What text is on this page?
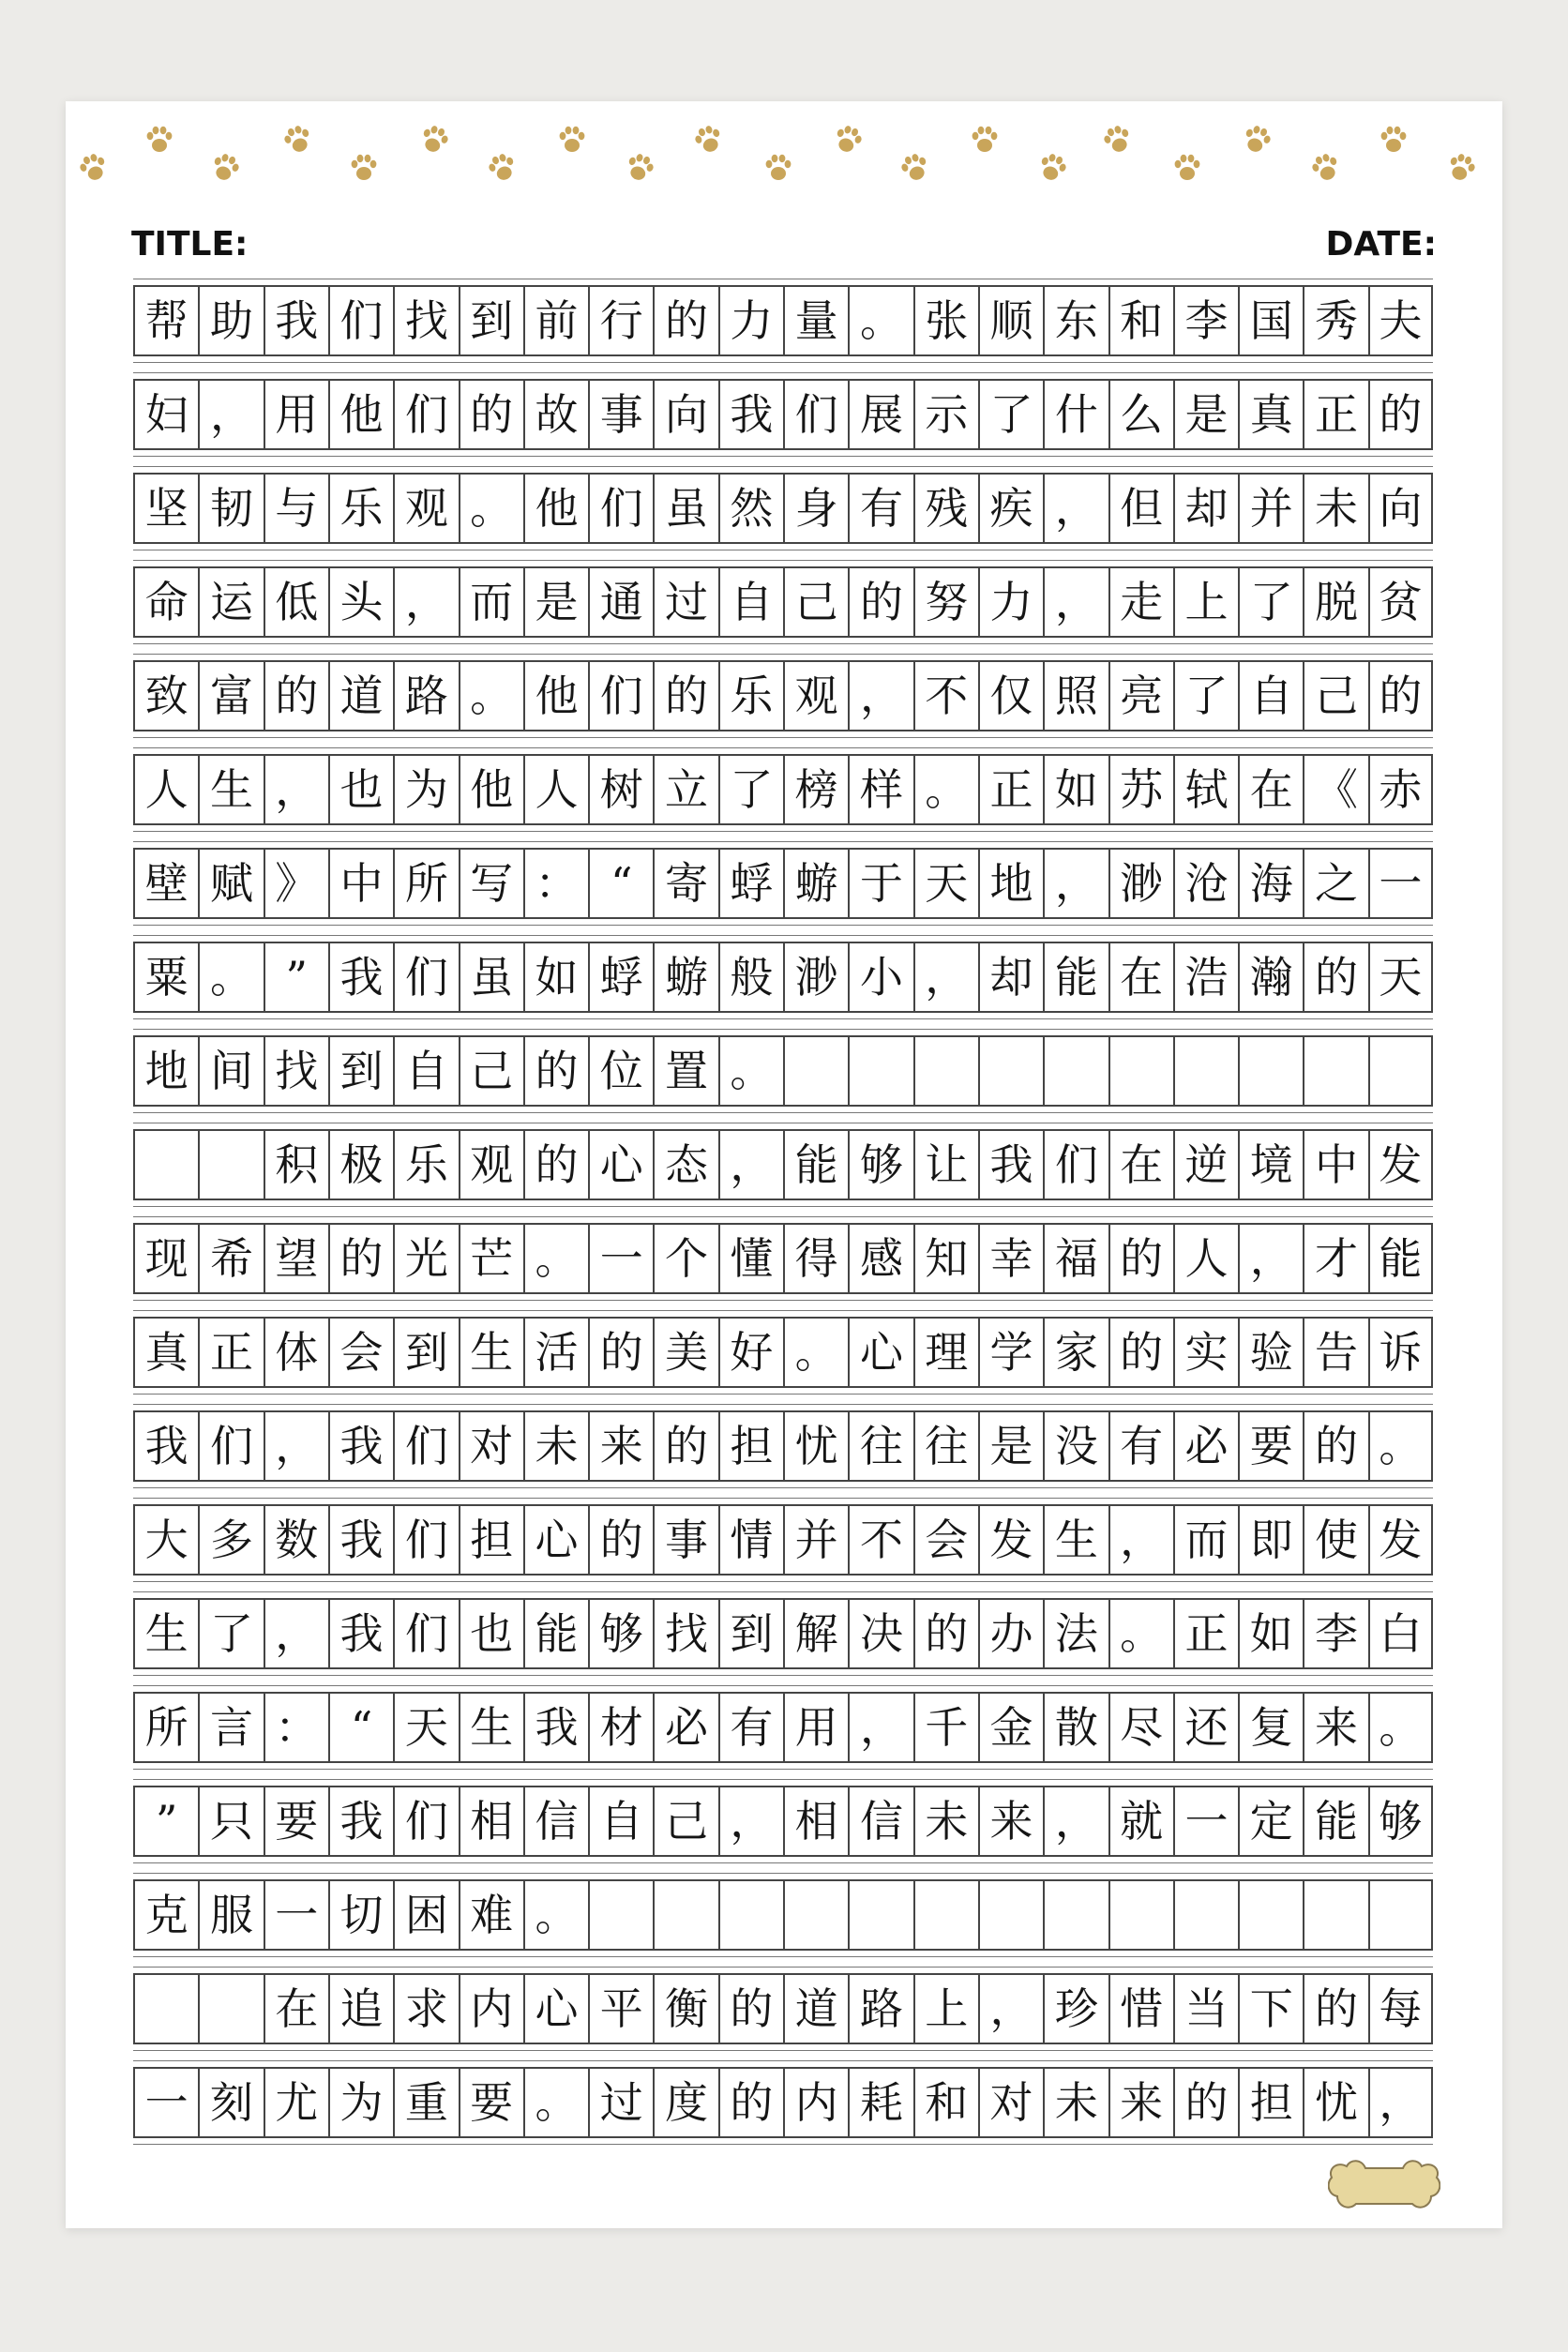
TITLE:	DATE:
帮 助 我 们 找 到 前 行 的 力 量 。 张 顺 东 和 李 国 秀 夫
妇 ， 用 他 们 的 故 事 向 我 们 展 示 了 什 么 是 真 正 的
坚 韧 与 乐 观 。 他 们 虽 然 身 有 残 疾 ， 但 却 并 未 向
命 运 低 头 ， 而 是 通 过 自 己 的 努 力 ， 走 上 了 脱 贫
致 富 的 道 路 。 他 们 的 乐 观 ， 不 仅 照 亮 了 自 己 的
人 生 ， 也 为 他 人 树 立 了 榜 样 。 正 如 苏 轼 在 《 赤
壁 赋 》 中 所 写 ： “ 寄 蜉 蝣 于 天 地 ， 渺 沧 海 之 一
粟 。 ” 我 们 虽 如 蜉 蝣 般 渺 小 ， 却 能 在 浩 瀚 的 天
地 间 找 到 自 己 的 位 置 。
积 极 乐 观 的 心 态 ， 能 够 让 我 们 在 逆 境 中 发
现 希 望 的 光 芒 。 一 个 懂 得 感 知 幸 福 的 人 ， 才 能
真 正 体 会 到 生 活 的 美 好 。 心 理 学 家 的 实 验 告 诉
我 们 ， 我 们 对 未 来 的 担 忧 往 往 是 没 有 必 要 的 。
大 多 数 我 们 担 心 的 事 情 并 不 会 发 生 ， 而 即 使 发
生 了 ， 我 们 也 能 够 找 到 解 决 的 办 法 。 正 如 李 白
所 言 ： “ 天 生 我 材 必 有 用 ， 千 金 散 尽 还 复 来 。
” 只 要 我 们 相 信 自 己 ， 相 信 未 来 ， 就 一 定 能 够
克 服 一 切 困 难 。
在 追 求 内 心 平 衡 的 道 路 上 ， 珍 惜 当 下 的 每
一 刻 尤 为 重 要 。 过 度 的 内 耗 和 对 未 来 的 担 忧 ，
